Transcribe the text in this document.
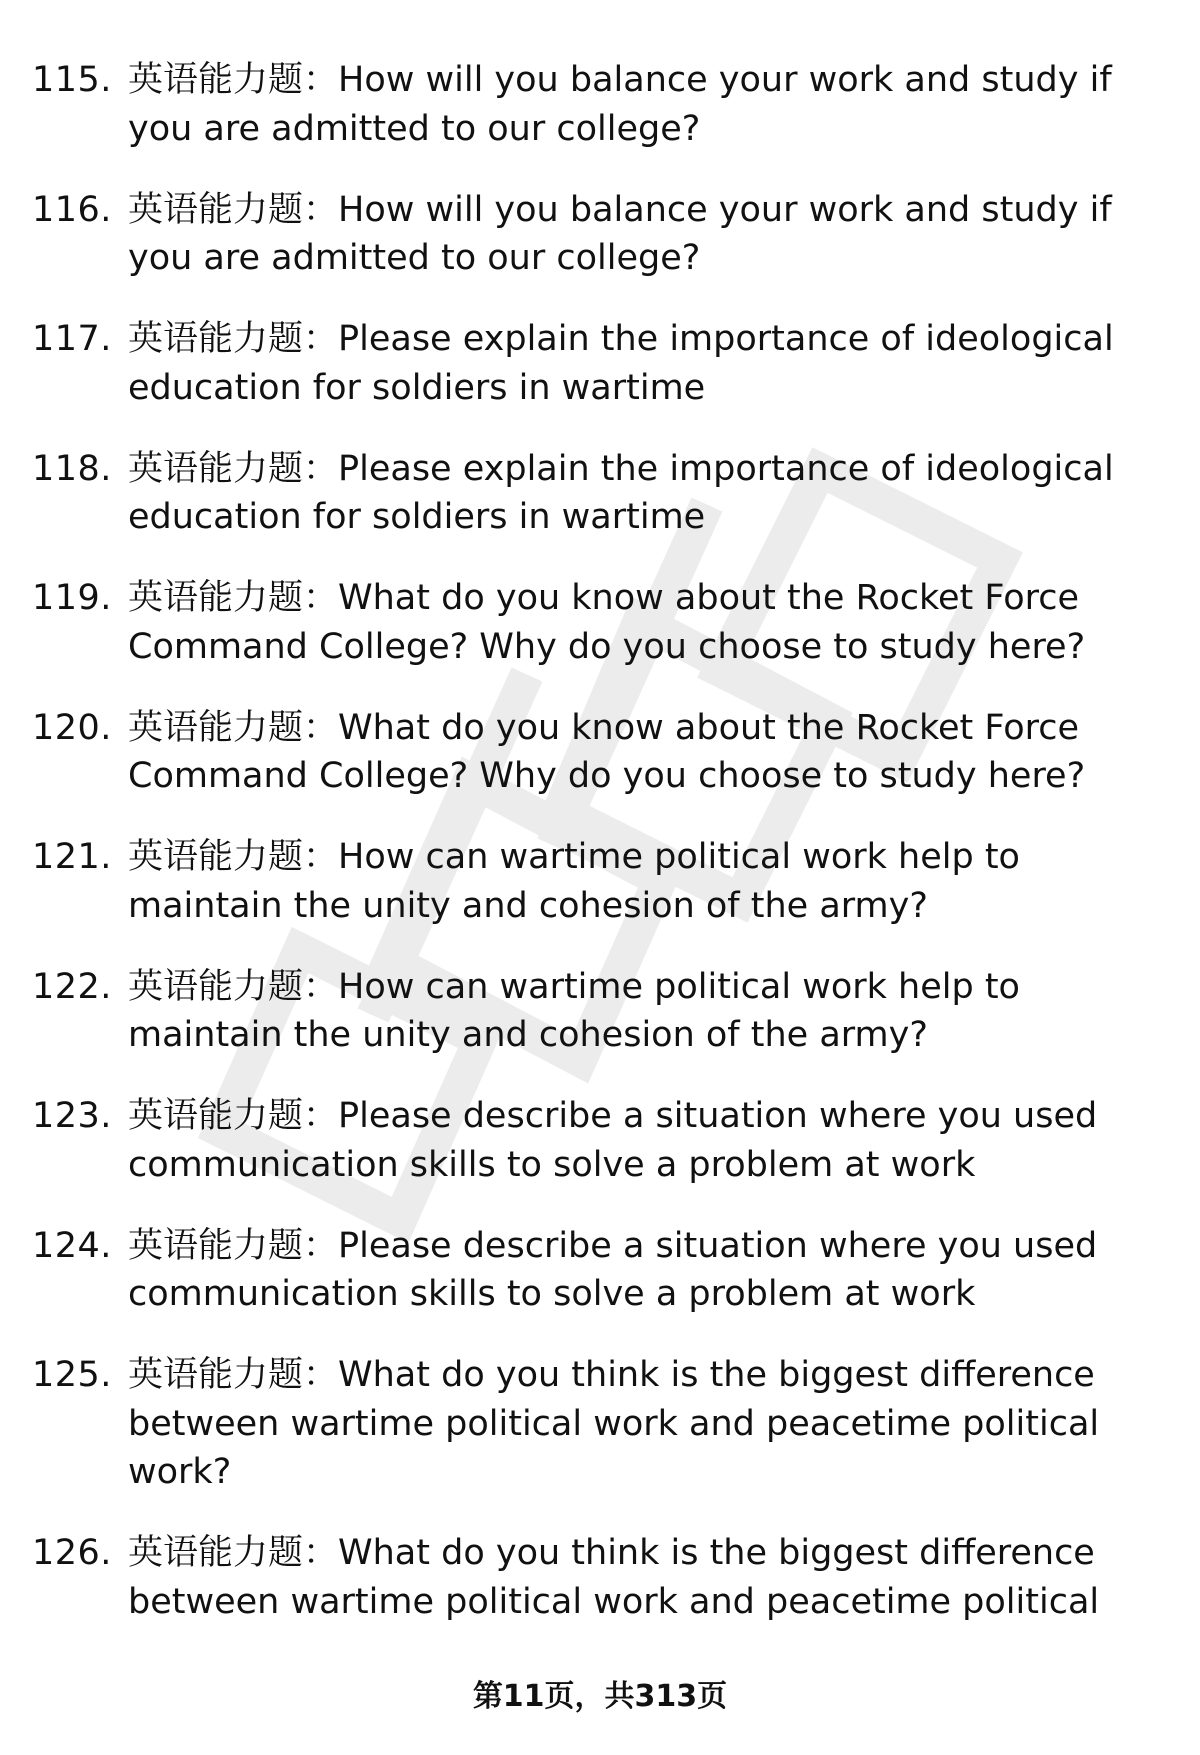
115. 英语能力题：How will you balance your work and study if you are admitted to our college?
116. 英语能力题：How will you balance your work and study if you are admitted to our college?
117. 英语能力题：Please explain the importance of ideological education for soldiers in wartime
118. 英语能力题：Please explain the importance of ideological education for soldiers in wartime
119. 英语能力题：What do you know about the Rocket Force Command College? Why do you choose to study here?
120. 英语能力题：What do you know about the Rocket Force Command College? Why do you choose to study here?
121. 英语能力题：How can wartime political work help to maintain the unity and cohesion of the army?
122. 英语能力题：How can wartime political work help to maintain the unity and cohesion of the army?
123. 英语能力题：Please describe a situation where you used communication skills to solve a problem at work
124. 英语能力题：Please describe a situation where you used communication skills to solve a problem at work
125. 英语能力题：What do you think is the biggest difference between wartime political work and peacetime political work?
126. 英语能力题：What do you think is the biggest difference between wartime political work and peacetime political
第11页，共313页
